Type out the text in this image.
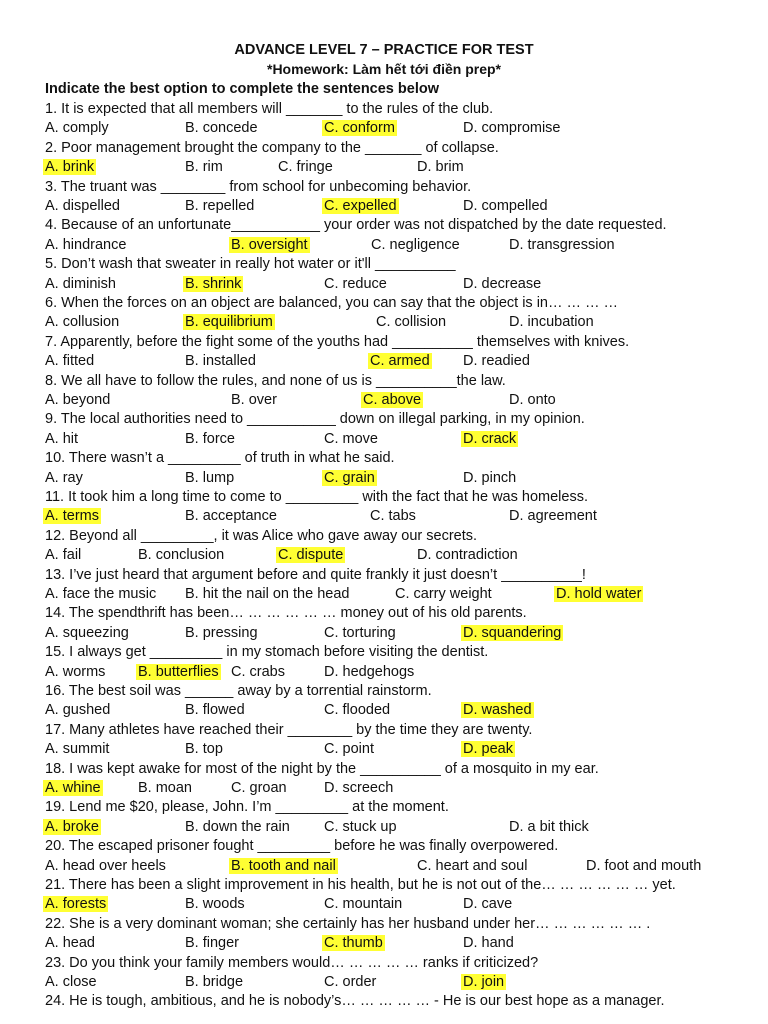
ADVANCE LEVEL 7 – PRACTICE FOR TEST
*Homework: Làm hết tới điền prep*
Indicate the best option to complete the sentences below
1. It is expected that all members will _______ to the rules of the club.
A. comply	B. concede	C. conform	D. compromise
2. Poor management brought the company to the _______ of collapse.
A. brink	B. rim	C. fringe	D. brim
3. The truant was ________ from school for unbecoming behavior.
A. dispelled	B. repelled	C. expelled	D. compelled
4. Because of an unfortunate___________ your order was not dispatched by the date requested.
A. hindrance	B. oversight	C. negligence	D. transgression
5. Don’t wash that sweater in really hot water or it'll __________
A. diminish	B. shrink	C. reduce	D. decrease
6. When the forces on an object are balanced, you can say that the object is in… … … …
A. collusion	B. equilibrium	C. collision	D. incubation
7. Apparently, before the fight some of the youths had __________ themselves with knives.
A. fitted	B. installed	C. armed D. readied
8. We all have to follow the rules, and none of us is __________the law.
A. beyond	B. over	C. above	D. onto
9. The local authorities need to ___________ down on illegal parking, in my opinion.
A. hit	B. force	C. move	D. crack
10. There wasn’t a _________ of truth in what he said.
A. ray	B. lump	C. grain	D. pinch
11. It took him a long time to come to _________ with the fact that he was homeless.
A. terms	B. acceptance	C. tabs	D. agreement
12. Beyond all _________, it was Alice who gave away our secrets.
A. fail	B. conclusion	C. dispute	D. contradiction
13. I’ve just heard that argument before and quite frankly it just doesn’t __________!
A. face the music B. hit the nail on the head	C. carry weight	D. hold water
14. The spendthrift has been… … … … … … money out of his old parents.
A. squeezing	B. pressing	C. torturing	D. squandering
15. I always get _________ in my stomach before visiting the dentist.
A. worms B. butterflies C. crabs	D. hedgehogs
16. The best soil was ______ away by a torrential rainstorm.
A. gushed	B. flowed	C. flooded	D. washed
17. Many athletes have reached their ________ by the time they are twenty.
A. summit	B. top	C. point	D. peak
18. I was kept awake for most of the night by the __________ of a mosquito in my ear.
A. whine	B. moan	C. groan	D. screech
19. Lend me $20, please, John. I’m _________ at the moment.
A. broke	B. down the rain C. stuck up	D. a bit thick
20. The escaped prisoner fought _________ before he was finally overpowered.
A. head over heels	B. tooth and nail	C. heart and soul	D. foot and mouth
21. There has been a slight improvement in his health, but he is not out of the… … … … … … yet.
A. forests	B. woods	C. mountain	D. cave
22. She is a very dominant woman; she certainly has her husband under her… … … … … … .
A. head	B. finger	C. thumb	D. hand
23. Do you think your family members would… … … … … ranks if criticized?
A. close	B. bridge	C. order	D. join
24. He is tough, ambitious, and he is nobody’s… … … … … - He is our best hope as a manager.
